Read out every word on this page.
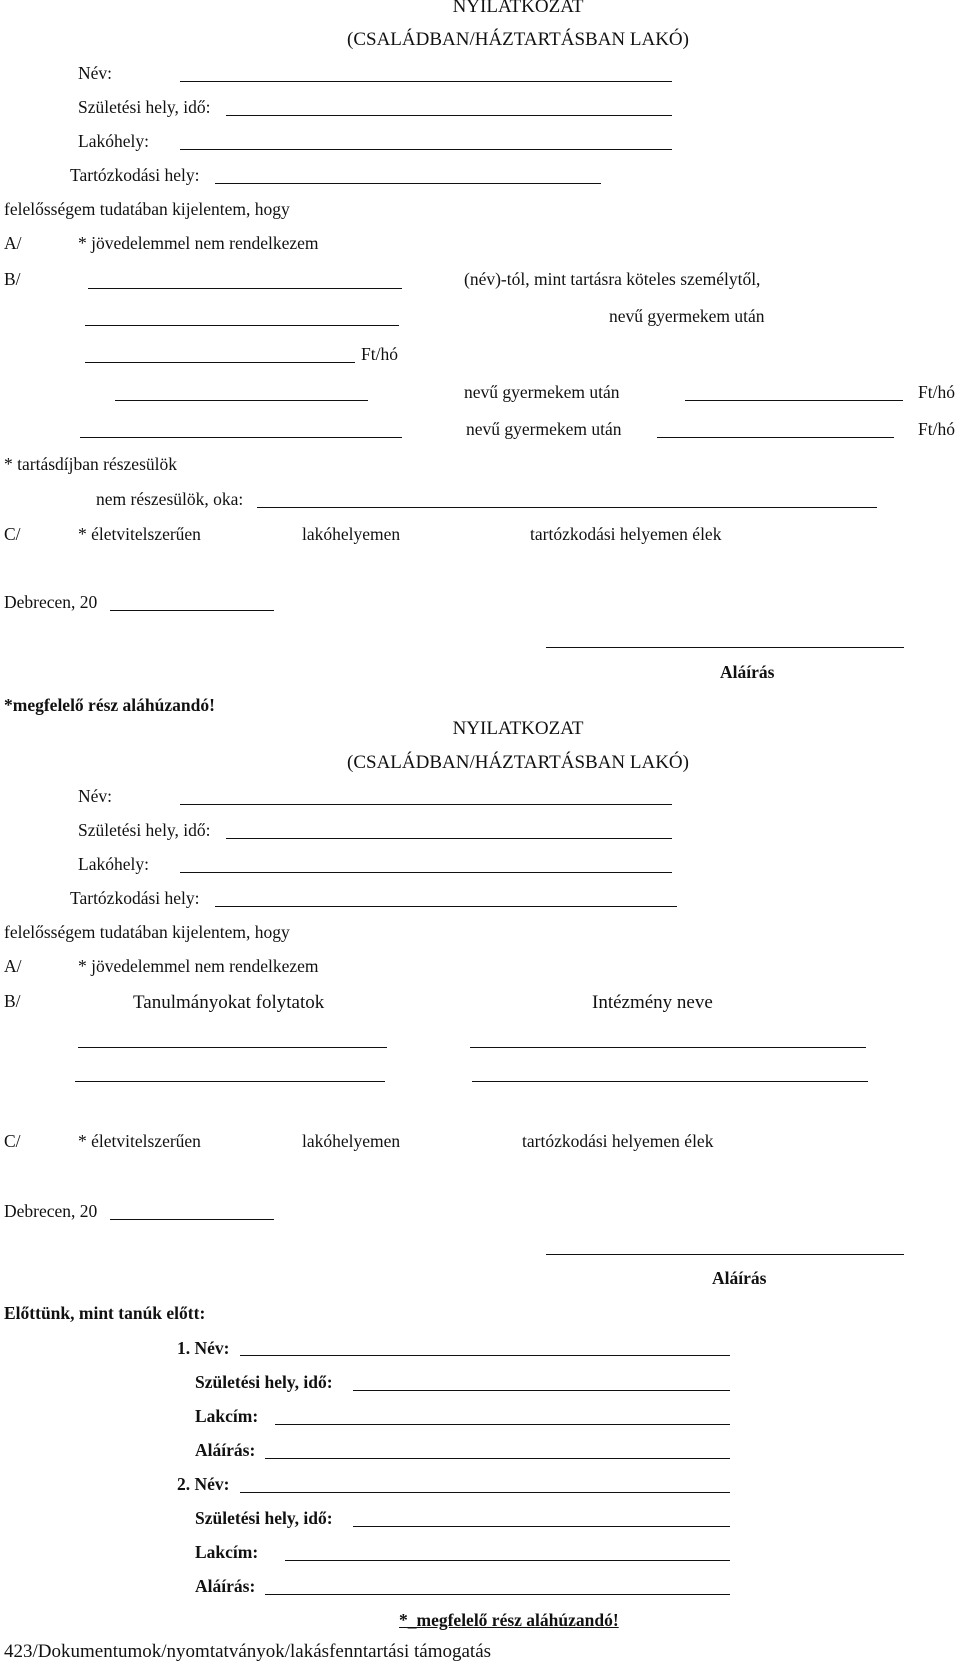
NYILATKOZAT
(CSALÁDBAN/HÁZTARTÁSBAN LAKÓ)
Név:
Születési hely, idő:
Lakóhely:
Tartózkodási hely:
felelősségem tudatában kijelentem, hogy
A/	* jövedelemmel nem rendelkezem
B/	(név)-tól, mint tartásra köteles személytől,
nevű gyermekem után
Ft/hó
nevű gyermekem után	Ft/hó
nevű gyermekem után	Ft/hó
* tartásdíjban részesülök
nem részesülök, oka:
C/	* életvitelszerűen	lakóhelyemen	tartózkodási helyemen élek
Debrecen, 20
Aláírás
*megfelelő rész aláhúzandó!
NYILATKOZAT
(CSALÁDBAN/HÁZTARTÁSBAN LAKÓ)
Név:
Születési hely, idő:
Lakóhely:
Tartózkodási hely:
felelősségem tudatában kijelentem, hogy
A/	* jövedelemmel nem rendelkezem
B/	Tanulmányokat folytatok	Intézmény neve
C/	* életvitelszerűen	lakóhelyemen	tartózkodási helyemen élek
Debrecen, 20
Aláírás
Előttünk, mint tanúk előtt:
1. Név:
Születési hely, idő:
Lakcím:
Aláírás:
2. Név:
Születési hely, idő:
Lakcím:
Aláírás:
*_megfelelő rész aláhúzandó!
423/Dokumentumok/nyomtatványok/lakásfenntartási támogatás
